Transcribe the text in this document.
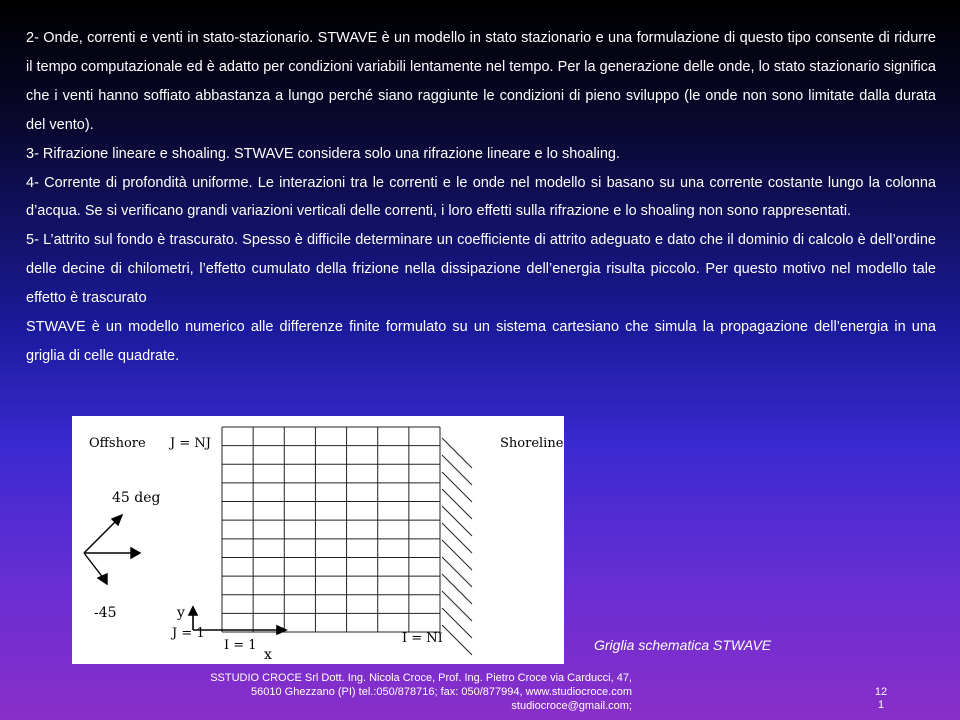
2- Onde, correnti e venti in stato-stazionario. STWAVE è un modello in stato stazionario e una formulazione di questo tipo consente di ridurre il tempo computazionale ed è adatto per condizioni variabili lentamente nel tempo. Per la generazione delle onde, lo stato stazionario significa che i venti hanno soffiato abbastanza a lungo perché siano raggiunte le condizioni di pieno sviluppo (le onde non sono limitate dalla durata del vento).

3- Rifrazione lineare e shoaling. STWAVE considera solo una rifrazione lineare e lo shoaling.

4- Corrente di profondità uniforme. Le interazioni tra le correnti e le onde nel modello si basano su una corrente costante lungo la colonna d’acqua. Se si verificano grandi variazioni verticali delle correnti, i loro effetti sulla rifrazione e lo shoaling non sono rappresentati.

5- L’attrito sul fondo è trascurato. Spesso è difficile determinare un coefficiente di attrito adeguato e dato che il dominio di calcolo è dell’ordine delle decine di chilometri, l’effetto cumulato della frizione nella dissipazione dell’energia risulta piccolo. Per questo motivo nel modello tale effetto è trascurato

STWAVE è un modello numerico alle differenze finite formulato su un sistema cartesiano che simula la propagazione dell’energia in una griglia di celle quadrate.

Offshore J = NJ	Shoreline
45 deg
-45	y
J = 1
I = 1
x
I = NI	Griglia schematica STWAVE
SSTUDIO CROCE Srl Dott. Ing. Nicola Croce, Prof. Ing. Pietro Croce via Carducci, 47,
56010 Ghezzano (PI) tel.:050/878716; fax: 050/877994, www.studiocroce.com
studiocroce@gmail.com;
12
1
